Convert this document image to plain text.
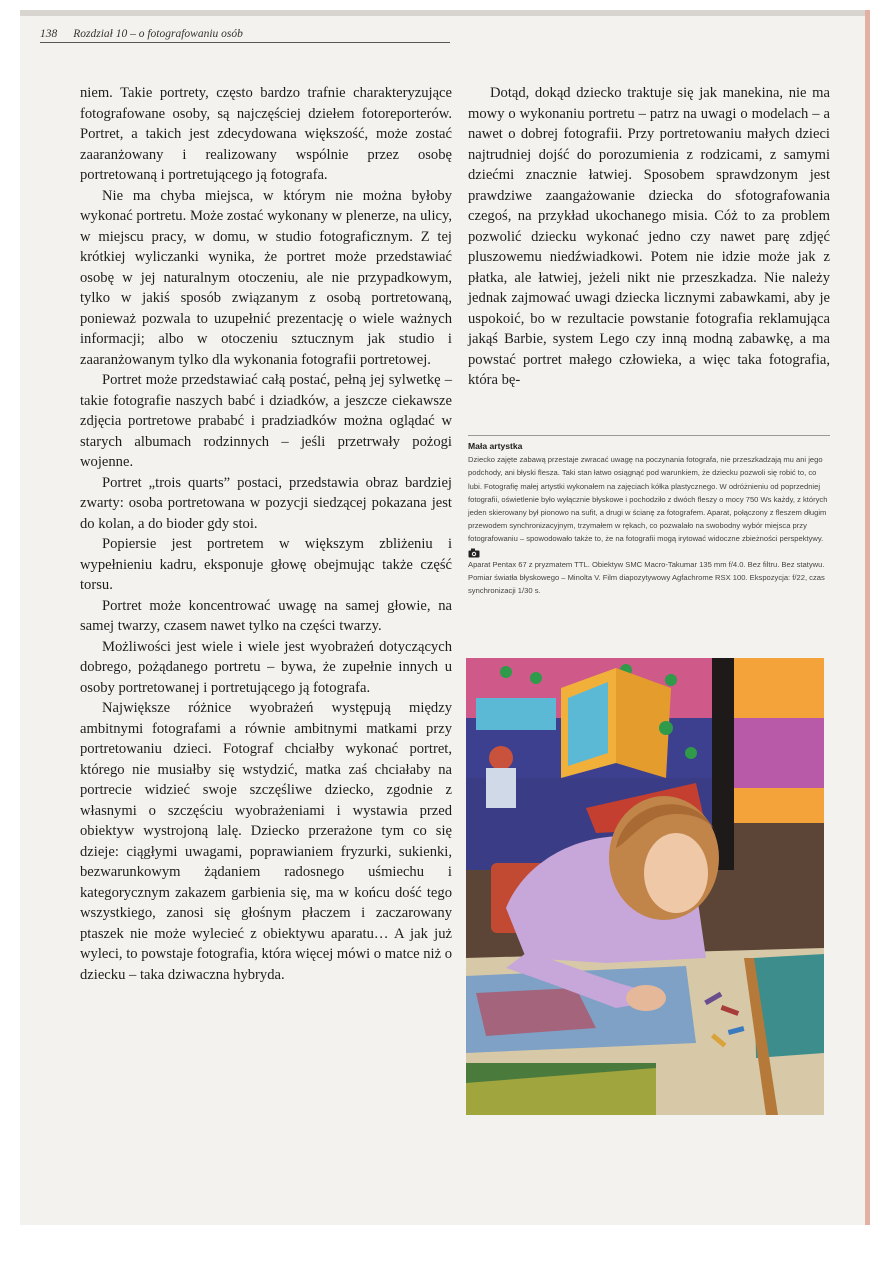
138 Rozdział 10 – o fotografowaniu osób

niem. Takie portrety, często bardzo trafnie charakteryzujące fotografowane osoby, są najczęściej dziełem fotoreporterów. Portret, a takich jest zdecydowana większość, może zostać zaaranżowany i realizowany wspólnie przez osobę portretowaną i portretującego ją fotografa.

Nie ma chyba miejsca, w którym nie można byłoby wykonać portretu. Może zostać wykonany w plenerze, na ulicy, w miejscu pracy, w domu, w studio fotograficznym. Z tej krótkiej wyliczanki wynika, że portret może przedstawiać osobę w jej naturalnym otoczeniu, ale nie przypadkowym, tylko w jakiś sposób związanym z osobą portretowaną, ponieważ pozwala to uzupełnić prezentację o wiele ważnych informacji; albo w otoczeniu sztucznym jak studio i zaaranżowanym tylko dla wykonania fotografii portretowej.

Portret może przedstawiać całą postać, pełną jej sylwetkę – takie fotografie naszych babć i dziadków, a jeszcze ciekawsze zdjęcia portretowe prababć i pradziadków można oglądać w starych albumach rodzinnych – jeśli przetrwały pożogi wojenne.

Portret „trois quarts” postaci, przedstawia obraz bardziej zwarty: osoba portretowana w pozycji siedzącej pokazana jest do kolan, a do bioder gdy stoi.

Popiersie jest portretem w większym zbliżeniu i wypełnieniu kadru, eksponuje głowę obejmując także część torsu.

Portret może koncentrować uwagę na samej głowie, na samej twarzy, czasem nawet tylko na części twarzy.

Możliwości jest wiele i wiele jest wyobrażeń dotyczących dobrego, pożądanego portretu – bywa, że zupełnie innych u osoby portretowanej i portretującego ją fotografa.

Największe różnice wyobrażeń występują między ambitnymi fotografami a równie ambitnymi matkami przy portretowaniu dzieci. Fotograf chciałby wykonać portret, którego nie musiałby się wstydzić, matka zaś chciałaby na portrecie widzieć swoje szczęśliwe dziecko, zgodnie z własnymi o szczęściu wyobrażeniami i wystawia przed obiektyw wystrojoną lalę. Dziecko przerażone tym co się dzieje: ciągłymi uwagami, poprawianiem fryzurki, sukienki, bezwarunkowym żądaniem radosnego uśmiechu i kategorycznym zakazem garbienia się, ma w końcu dość tego wszystkiego, zanosi się głośnym płaczem i zaczarowany ptaszek nie może wylecieć z obiektywu aparatu… A jak już wyleci, to powstaje fotografia, która więcej mówi o matce niż o dziecku – taka dziwaczna hybryda.

Dotąd, dokąd dziecko traktuje się jak manekina, nie ma mowy o wykonaniu portretu – patrz na uwagi o modelach – a nawet o dobrej fotografii. Przy portretowaniu małych dzieci najtrudniej dojść do porozumienia z rodzicami, z samymi dziećmi znacznie łatwiej. Sposobem sprawdzonym jest prawdziwe zaangażowanie dziecka do sfotografowania czegoś, na przykład ukochanego misia. Cóż to za problem pozwolić dziecku wykonać jedno czy nawet parę zdjęć pluszowemu niedźwiadkowi. Potem nie idzie może jak z płatka, ale łatwiej, jeżeli nikt nie przeszkadza. Nie należy jednak zajmować uwagi dziecka licznymi zabawkami, aby je uspokoić, bo w rezultacie powstanie fotografia reklamująca jakąś Barbie, system Lego czy inną modną zabawkę, a ma powstać portret małego człowieka, a więc taka fotografia, która bę-

Mała artystka
Dziecko zajęte zabawą przestaje zwracać uwagę na poczynania fotografa, nie przeszkadzają mu ani jego podchody, ani błyski flesza. Taki stan łatwo osiągnąć pod warunkiem, że dziecku pozwoli się robić to, co lubi. Fotografię małej artystki wykonałem na zajęciach kółka plastycznego. W odróżnieniu od poprzedniej fotografii, oświetlenie było wyłącznie błyskowe i pochodziło z dwóch fleszy o mocy 750 Ws każdy, z których jeden skierowany był pionowo na sufit, a drugi w ścianę za fotografem. Aparat, połączony z fleszem długim przewodem synchronizacyjnym, trzymałem w rękach, co pozwalało na swobodny wybór miejsca przy fotografowaniu – spowodowało także to, że na fotografii mogą irytować widoczne zbieżności perspektywy.
Aparat Pentax 67 z pryzmatem TTL. Obiektyw SMC Macro-Takumar 135 mm f/4.0. Bez filtru. Bez statywu. Pomiar światła błyskowego – Minolta V. Film diapozytywowy Agfachrome RSX 100. Ekspozycja: f/22, czas synchronizacji 1/30 s.
